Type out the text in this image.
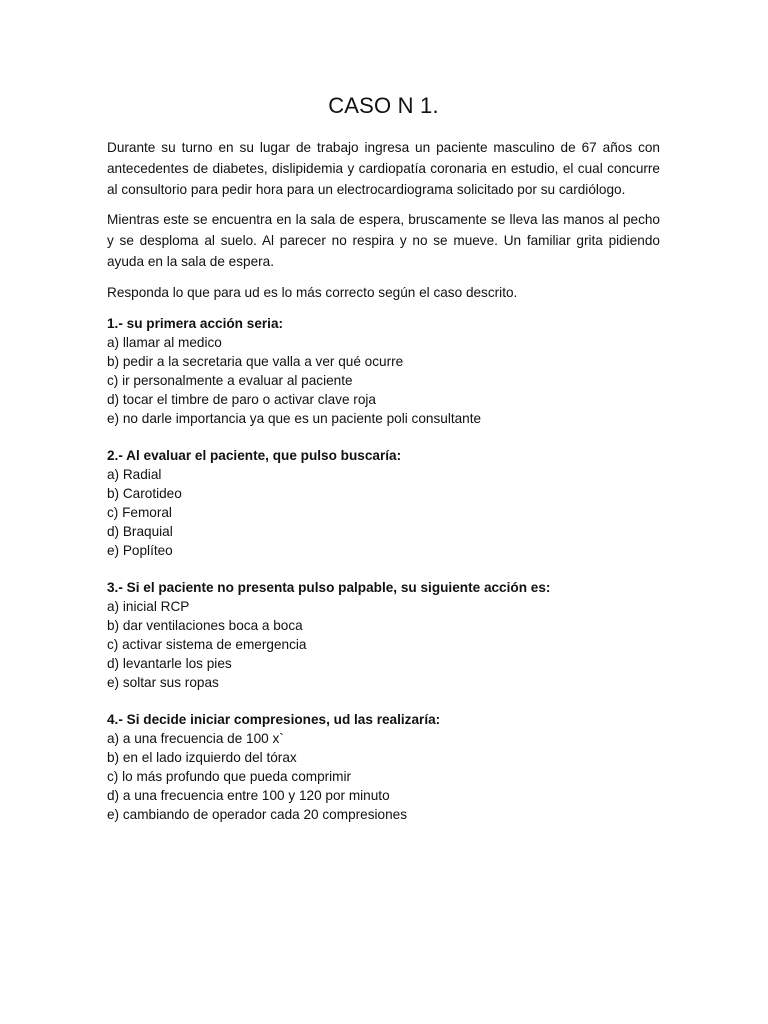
CASO N 1.

Durante su turno en su lugar de trabajo ingresa un paciente masculino de 67 años con antecedentes de diabetes, dislipidemia y cardiopatía coronaria en estudio, el cual concurre al consultorio para pedir hora para un electrocardiograma solicitado por su cardiólogo.

Mientras este se encuentra en la sala de espera, bruscamente se lleva las manos al pecho y se desploma al suelo. Al parecer no respira y no se mueve. Un familiar grita pidiendo ayuda en la sala de espera.

Responda lo que para ud es lo más correcto según el caso descrito.

1.- su primera acción seria:

a) llamar al medico

b) pedir a la secretaria que valla a ver qué ocurre

c) ir personalmente a evaluar al paciente

d) tocar el timbre de paro o activar clave roja

e) no darle importancia ya que es un paciente poli consultante

2.- Al evaluar el paciente, que pulso buscaría:

a) Radial

b) Carotideo

c) Femoral

d) Braquial

e) Poplíteo

3.- Si el paciente no presenta pulso palpable, su siguiente acción es:

a) inicial RCP

b) dar ventilaciones boca a boca

c) activar sistema de emergencia

d) levantarle los pies

e) soltar sus ropas

4.- Si decide iniciar compresiones, ud las realizaría:

a) a una frecuencia de 100 x`

b) en el lado izquierdo del tórax

c) lo más profundo que pueda comprimir

d) a una frecuencia entre 100 y 120 por minuto

e) cambiando de operador cada 20 compresiones
